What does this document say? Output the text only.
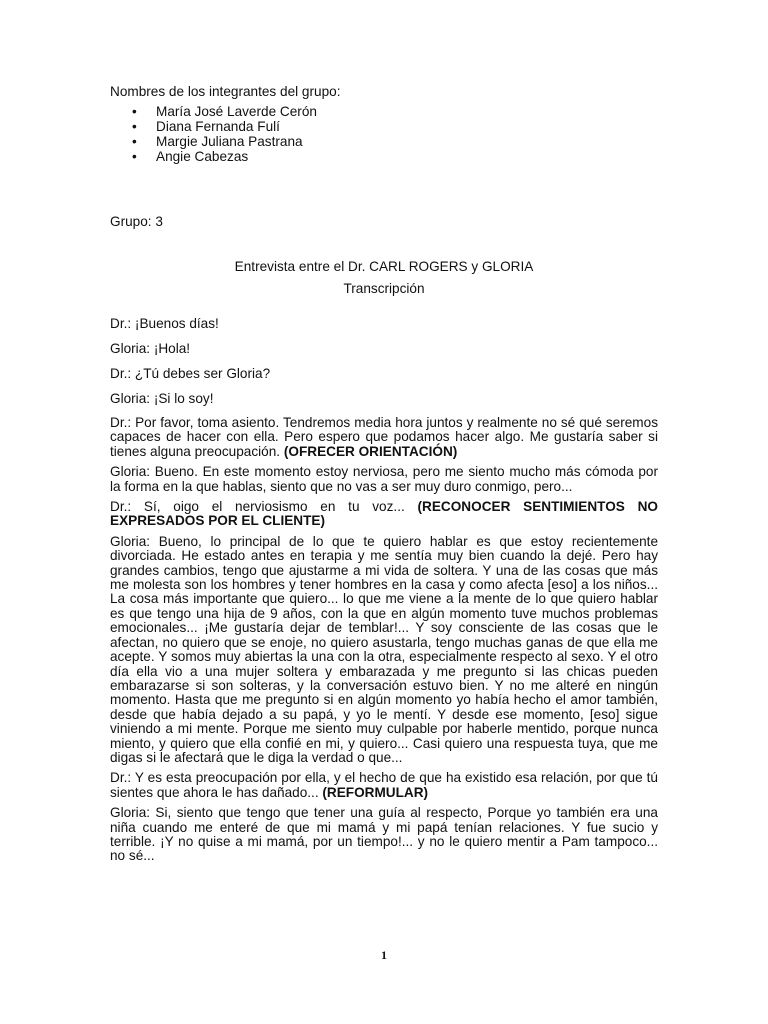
Nombres de los integrantes del grupo:

• María José Laverde Cerón
• Diana Fernanda Fulí
• Margie Juliana Pastrana
• Angie Cabezas
Grupo: 3
Entrevista entre el Dr. CARL ROGERS y GLORIA
Transcripción

Dr.: ¡Buenos días!

Gloria: ¡Hola!

Dr.: ¿Tú debes ser Gloria?

Gloria: ¡Si lo soy!

Dr.: Por favor, toma asiento. Tendremos media hora juntos y realmente no sé qué seremos capaces de hacer con ella. Pero espero que podamos hacer algo. Me gustaría saber si tienes alguna preocupación. (OFRECER ORIENTACIÓN)

Gloria: Bueno. En este momento estoy nerviosa, pero me siento mucho más cómoda por la forma en la que hablas, siento que no vas a ser muy duro conmigo, pero...

Dr.: Sí, oigo el nerviosismo en tu voz... (RECONOCER SENTIMIENTOS NO EXPRESADOS POR EL CLIENTE)

Gloria: Bueno, lo principal de lo que te quiero hablar es que estoy recientemente divorciada. He estado antes en terapia y me sentía muy bien cuando la dejé. Pero hay grandes cambios, tengo que ajustarme a mi vida de soltera. Y una de las cosas que más me molesta son los hombres y tener hombres en la casa y como afecta [eso] a los niños... La cosa más importante que quiero... lo que me viene a la mente de lo que quiero hablar es que tengo una hija de 9 años, con la que en algún momento tuve muchos problemas emocionales... ¡Me gustaría dejar de temblar!... Y soy consciente de las cosas que le afectan, no quiero que se enoje, no quiero asustarla, tengo muchas ganas de que ella me acepte. Y somos muy abiertas la una con la otra, especialmente respecto al sexo. Y el otro día ella vio a una mujer soltera y embarazada y me pregunto si las chicas pueden embarazarse si son solteras, y la conversación estuvo bien. Y no me alteré en ningún momento. Hasta que me pregunto si en algún momento yo había hecho el amor también, desde que había dejado a su papá, y yo le mentí. Y desde ese momento, [eso] sigue viniendo a mi mente. Porque me siento muy culpable por haberle mentido, porque nunca miento, y quiero que ella confié en mi, y quiero... Casi quiero una respuesta tuya, que me digas si le afectará que le diga la verdad o que...

Dr.: Y es esta preocupación por ella, y el hecho de que ha existido esa relación, por que tú sientes que ahora le has dañado... (REFORMULAR)

Gloria: Si, siento que tengo que tener una guía al respecto, Porque yo también era una niña cuando me enteré de que mi mamá y mi papá tenían relaciones. Y fue sucio y terrible. ¡Y no quise a mi mamá, por un tiempo!... y no le quiero mentir a Pam tampoco... no sé...

1
